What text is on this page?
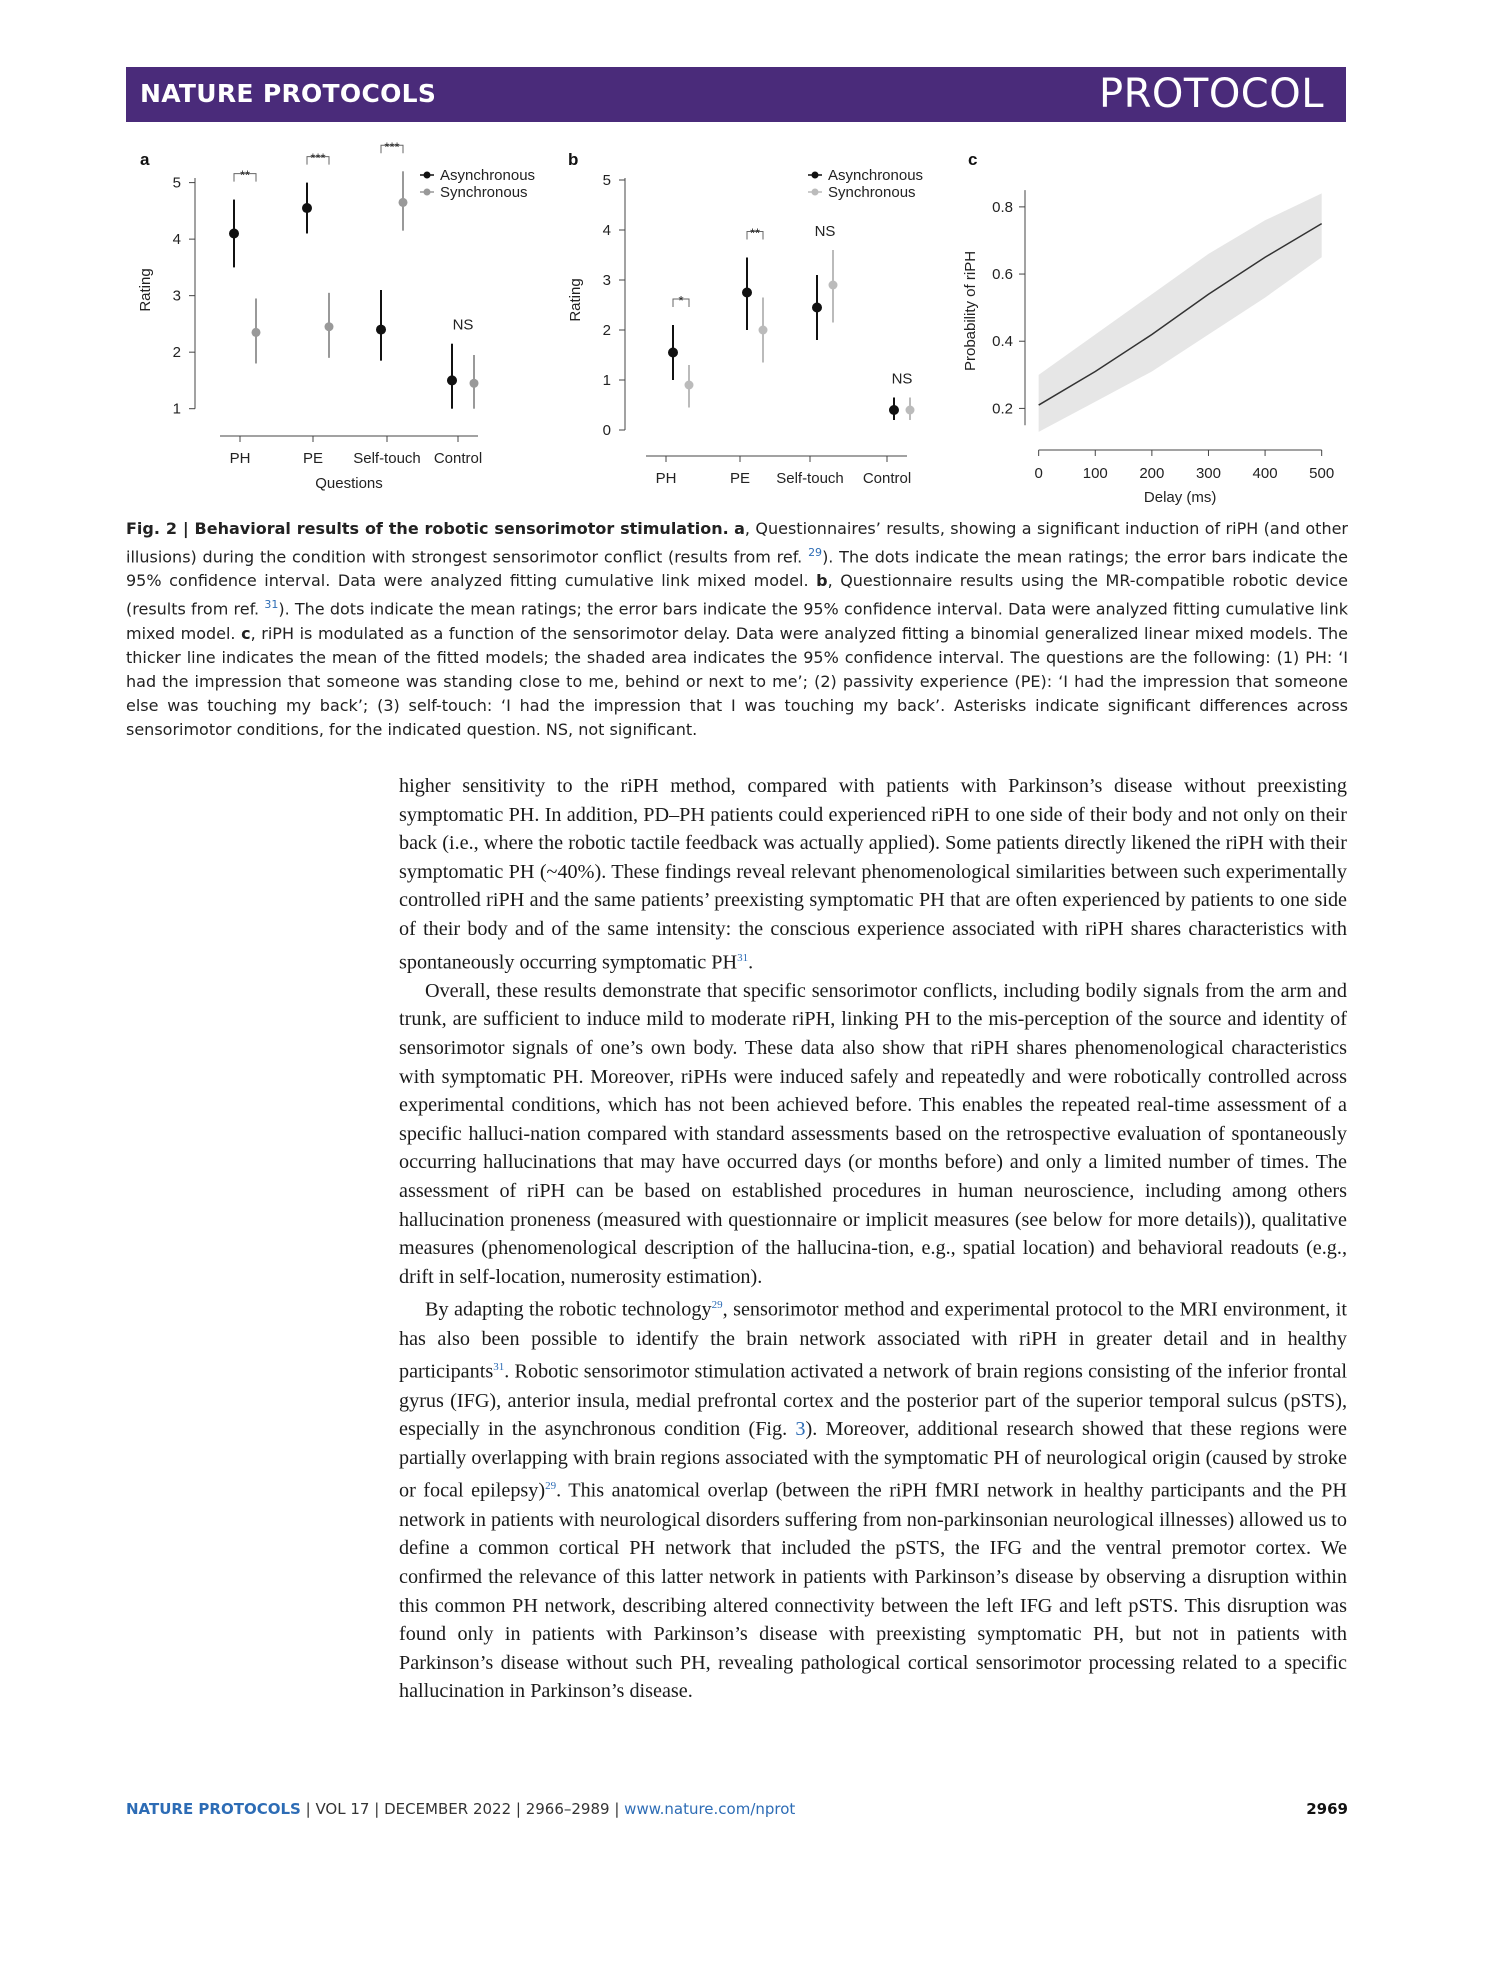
NATURE PROTOCOLS	PROTOCOL
a
1
2
3
4
5
PH	PE Self-touch Control
Rating
Questions
Asynchronous
Synchronous
**
***
***
NS
b
0
1
2
3
4
5
PH	PE Self-touch Control
Rating
Asynchronous
Synchronous
*
**	NS
NS
c
0.2
0.4
0.6
0.8
0	100 200 300 400 500
Probability of riPH
Delay (ms)

Fig. 2 | Behavioral results of the robotic sensorimotor stimulation. a, Questionnaires’ results, showing a significant induction of riPH (and other illusions) during the condition with strongest sensorimotor conflict (results from ref. $^{29}$). The dots indicate the mean ratings; the error bars indicate the 95% confidence interval. Data were analyzed fitting cumulative link mixed model. b, Questionnaire results using the MR-compatible robotic device (results from ref. $^{31}$). The dots indicate the mean ratings; the error bars indicate the 95% confidence interval. Data were analyzed fitting cumulative link mixed model. c, riPH is modulated as a function of the sensorimotor delay. Data were analyzed fitting a binomial generalized linear mixed models. The thicker line indicates the mean of the fitted models; the shaded area indicates the 95% confidence interval. The questions are the following: (1) PH: ‘I had the impression that someone was standing close to me, behind or next to me’; (2) passivity experience (PE): ‘I had the impression that someone else was touching my back’; (3) self-touch: ‘I had the impression that I was touching my back’. Asterisks indicate significant differences across sensorimotor conditions, for the indicated question. NS, not significant.

higher sensitivity to the riPH method, compared with patients with Parkinson’s disease without preexisting symptomatic PH. In addition, PD–PH patients could experienced riPH to one side of their body and not only on their back (i.e., where the robotic tactile feedback was actually applied). Some patients directly likened the riPH with their symptomatic PH (~40%). These findings reveal relevant phenomenological similarities between such experimentally controlled riPH and the same patients’ preexisting symptomatic PH that are often experienced by patients to one side of their body and of the same intensity: the conscious experience associated with riPH shares characteristics with spontaneously occurring symptomatic PH$^{31}$.

Overall, these results demonstrate that specific sensorimotor conflicts, including bodily signals from the arm and trunk, are sufficient to induce mild to moderate riPH, linking PH to the mis-perception of the source and identity of sensorimotor signals of one’s own body. These data also show that riPH shares phenomenological characteristics with symptomatic PH. Moreover, riPHs were induced safely and repeatedly and were robotically controlled across experimental conditions, which has not been achieved before. This enables the repeated real-time assessment of a specific halluci-nation compared with standard assessments based on the retrospective evaluation of spontaneously occurring hallucinations that may have occurred days (or months before) and only a limited number of times. The assessment of riPH can be based on established procedures in human neuroscience, including among others hallucination proneness (measured with questionnaire or implicit measures (see below for more details)), qualitative measures (phenomenological description of the hallucina-tion, e.g., spatial location) and behavioral readouts (e.g., drift in self-location, numerosity estimation).

By adapting the robotic technology$^{29}$, sensorimotor method and experimental protocol to the MRI environment, it has also been possible to identify the brain network associated with riPH in greater detail and in healthy participants$^{31}$. Robotic sensorimotor stimulation activated a network of brain regions consisting of the inferior frontal gyrus (IFG), anterior insula, medial prefrontal cortex and the posterior part of the superior temporal sulcus (pSTS), especially in the asynchronous condition (Fig. 3). Moreover, additional research showed that these regions were partially overlapping with brain regions associated with the symptomatic PH of neurological origin (caused by stroke or focal epilepsy)$^{29}$. This anatomical overlap (between the riPH fMRI network in healthy participants and the PH network in patients with neurological disorders suffering from non-parkinsonian neurological illnesses) allowed us to define a common cortical PH network that included the pSTS, the IFG and the ventral premotor cortex. We confirmed the relevance of this latter network in patients with Parkinson’s disease by observing a disruption within this common PH network, describing altered connectivity between the left IFG and left pSTS. This disruption was found only in patients with Parkinson’s disease with preexisting symptomatic PH, but not in patients with Parkinson’s disease without such PH, revealing pathological cortical sensorimotor processing related to a specific hallucination in Parkinson’s disease.

NATURE PROTOCOLS | VOL 17 | DECEMBER 2022 | 2966–2989 | www.nature.com/nprot	2969
